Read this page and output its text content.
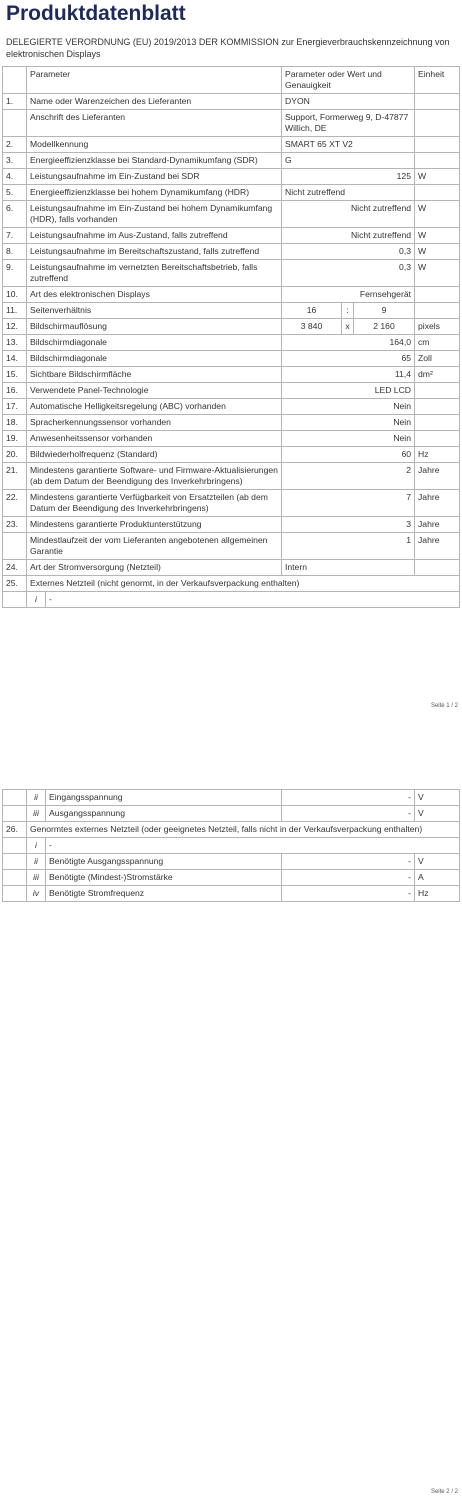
Produktdatenblatt
DELEGIERTE VERORDNUNG (EU) 2019/2013 DER KOMMISSION zur Energieverbrauchskennzeichnung von elektronischen Displays
	Parameter		Parameter oder Wert und Genauigkeit			Einheit
1.	Name oder Warenzeichen des Lieferanten		DYON			
	Anschrift des Lieferanten		Support, Formerweg 9, D-47877 Willich, DE			
2.	Modellkennung		SMART 65 XT V2			
3.	Energieeffizienzklasse bei Standard-Dynamikumfang (SDR)		G			
4.	Leistungsaufnahme im Ein-Zustand bei SDR		125			W
5.	Energieeffizienzklasse bei hohem Dynamikumfang (HDR)		Nicht zutreffend			
6.	Leistungsaufnahme im Ein-Zustand bei hohem Dynamikumfang (HDR), falls vorhanden		Nicht zutreffend			W
7.	Leistungsaufnahme im Aus-Zustand, falls zutreffend		Nicht zutreffend			W
8.	Leistungsaufnahme im Bereitschaftszustand, falls zutreffend		0,3			W
9.	Leistungsaufnahme im vernetzten Bereitschaftsbetrieb, falls zutreffend		0,3			W
10.	Art des elektronischen Displays		Fernsehgerät			
11.	Seitenverhältnis		16	:	9	
12.	Bildschirmauflösung		3 840	x	2 160	pixels
13.	Bildschirmdiagonale		164,0			cm
14.	Bildschirmdiagonale		65			Zoll
15.	Sichtbare Bildschirmfläche		11,4			dm²
16.	Verwendete Panel-Technologie		LED LCD			
17.	Automatische Helligkeitsregelung (ABC) vorhanden		Nein			
18.	Spracherkennungssensor vorhanden		Nein			
19.	Anwesenheitssensor vorhanden		Nein			
20.	Bildwiederholfrequenz (Standard)		60			Hz
21.	Mindestens garantierte Software- und Firmware-Aktualisierungen (ab dem Datum der Beendigung des Inverkehrbringens)		2			Jahre
22.	Mindestens garantierte Verfügbarkeit von Ersatzteilen (ab dem Datum der Beendigung des Inverkehrbringens)		7			Jahre
23.	Mindestens garantierte Produktunterstützung		3			Jahre
	Mindestlaufzeit der vom Lieferanten angebotenen allgemeinen Garantie		1			Jahre
24.	Art der Stromversorgung (Netzteil)		Intern			
25.	Externes Netzteil (nicht genormt, in der Verkaufsverpackung enthalten)					
	i	-				
Seite 1 / 2
	ii	Eingangsspannung	-	V
	iii	Ausgangsspannung	-	V
26.	Genormtes externes Netzteil (oder geeignetes Netzteil, falls nicht in der Verkaufsverpackung enthalten)			
	i	-		
	ii	Benötigte Ausgangsspannung	-	V
	iii	Benötigte (Mindest-)Stromstärke	-	A
	iv	Benötigte Stromfrequenz	-	Hz
Seite 2 / 2
